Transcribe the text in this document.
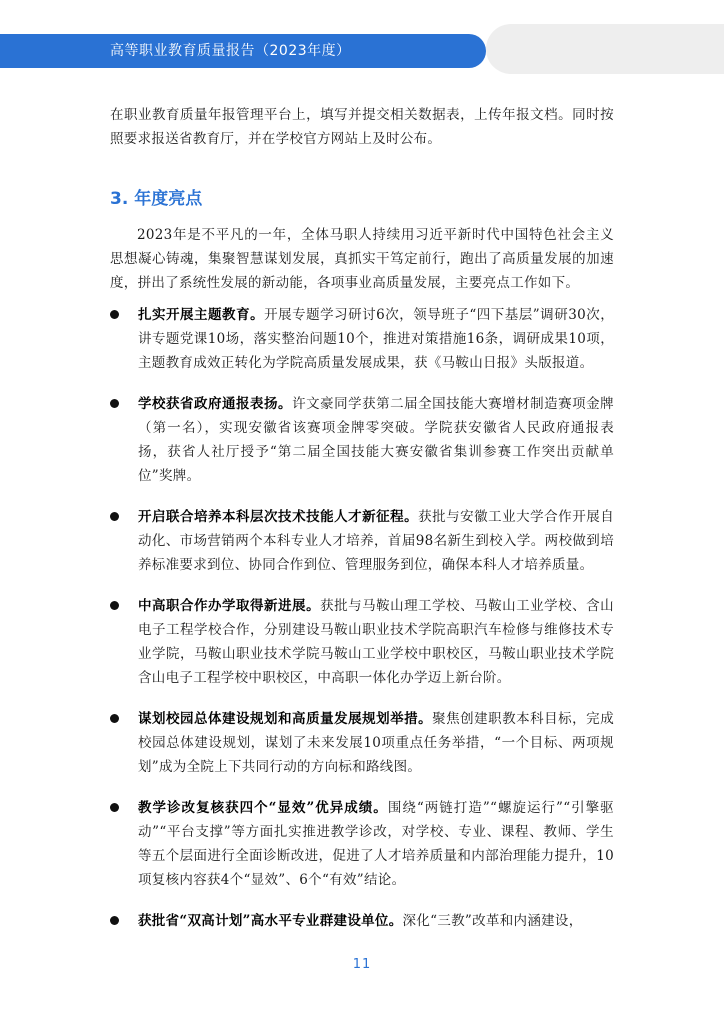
高等职业教育质量报告（2023年度）
在职业教育质量年报管理平台上，填写并提交相关数据表，上传年报文档。同时按照要求报送省教育厅，并在学校官方网站上及时公布。
3. 年度亮点
2023年是不平凡的一年，全体马职人持续用习近平新时代中国特色社会主义思想凝心铸魂，集聚智慧谋划发展，真抓实干笃定前行，跑出了高质量发展的加速度，拼出了系统性发展的新动能，各项事业高质量发展，主要亮点工作如下。
扎实开展主题教育。开展专题学习研讨6次，领导班子“四下基层”调研30次，讲专题党课10场，落实整治问题10个，推进对策措施16条，调研成果10项，主题教育成效正转化为学院高质量发展成果，获《马鞍山日报》头版报道。
学校获省政府通报表扬。许文豪同学获第二届全国技能大赛增材制造赛项金牌（第一名），实现安徽省该赛项金牌零突破。学院获安徽省人民政府通报表扬，获省人社厅授予“第二届全国技能大赛安徽省集训参赛工作突出贡献单位”奖牌。
开启联合培养本科层次技术技能人才新征程。获批与安徽工业大学合作开展自动化、市场营销两个本科专业人才培养，首届98名新生到校入学。两校做到培养标准要求到位、协同合作到位、管理服务到位，确保本科人才培养质量。
中高职合作办学取得新进展。获批与马鞍山理工学校、马鞍山工业学校、含山电子工程学校合作，分别建设马鞍山职业技术学院高职汽车检修与维修技术专业学院，马鞍山职业技术学院马鞍山工业学校中职校区，马鞍山职业技术学院含山电子工程学校中职校区，中高职一体化办学迈上新台阶。
谋划校园总体建设规划和高质量发展规划举措。聚焦创建职教本科目标，完成校园总体建设规划，谋划了未来发展10项重点任务举措，“一个目标、两项规划”成为全院上下共同行动的方向标和路线图。
教学诊改复核获四个“显效”优异成绩。围绕“两链打造”“螺旋运行”“引擎驱动”“平台支撑”等方面扎实推进教学诊改，对学校、专业、课程、教师、学生等五个层面进行全面诊断改进，促进了人才培养质量和内部治理能力提升，10项复核内容获4个“显效”、6个“有效”结论。
获批省“双高计划”高水平专业群建设单位。深化“三教”改革和内涵建设，
11
